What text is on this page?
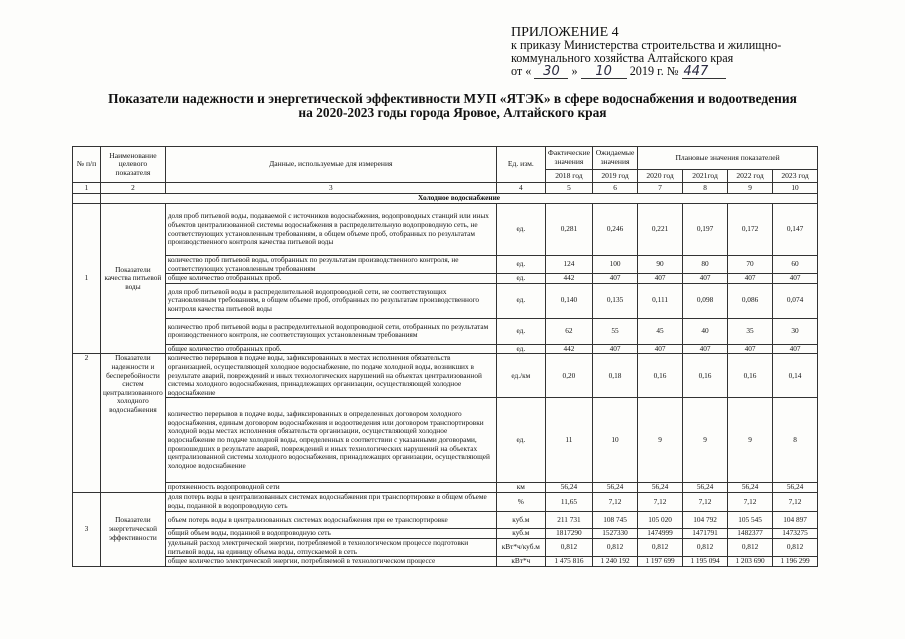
ПРИЛОЖЕНИЕ 4
к приказу Министерства строительства и жилищно-
коммунального хозяйства Алтайского края
от « 30 » 10 2019 г. № 447
Показатели надежности и энергетической эффективности МУП «ЯТЭК» в сфере водоснабжения и водоотведения
на 2020-2023 годы города Яровое, Алтайского края
№ п/п	Наименование целевого показателя	Данные, используемые для измерения	Ед. изм.	Фактические значения	Ожидаемые значения	Плановые значения показателей			
				2018 год	2019 год	2020 год	2021год	2022 год	2023 год
1	2	3	4	5	6	7	8	9	10
	Холодное водоснабжение								
1	Показатели качества питьевой воды	доля проб питьевой воды, подаваемой с источников водоснабжения, водопроводных станций или иных объектов централизованной системы водоснабжения в распределительную водопроводную сеть, не соответствующих установленным требованиям, в общем объеме проб, отобранных по результатам производственного контроля качества питьевой воды	ед.	0,281	0,246	0,221	0,197	0,172	0,147
		количество проб питьевой воды, отобранных по результатам производственного контроля, не соответствующих установленным требованиям	ед.	124	100	90	80	70	60
		общее количество отобранных проб.	ед.	442	407	407	407	407	407
		доля проб питьевой воды в распределительной водопроводной сети, не соответствующих установленным требованиям, в общем объеме проб, отобранных по результатам производственного контроля качества питьевой воды	ед.	0,140	0,135	0,111	0,098	0,086	0,074
		количество проб питьевой воды в распределительной водопроводной сети, отобранных по результатам производственного контроля, не соответствующих установленным требованиям	ед.	62	55	45	40	35	30
		общее количество отобранных проб.	ед.	442	407	407	407	407	407
2	Показатели надежности и бесперебойности систем централизованного холодного водоснабжения	количество перерывов в подаче воды, зафиксированных в местах исполнения обязательств организацией, осуществляющей холодное водоснабжение, по подаче холодной воды, возникших в результате аварий, повреждений и иных технологических нарушений на объектах централизованной системы холодного водоснабжения, принадлежащих организации, осуществляющей холодное водоснабжение	ед./км	0,20	0,18	0,16	0,16	0,16	0,14
		количество перерывов в подаче воды, зафиксированных в определенных договором холодного водоснабжения, единым договором водоснабжения и водоотведения или договором транспортировки холодной воды местах исполнения обязательств организации, осуществляющей холодное водоснабжение по подаче холодной воды, определенных в соответствии с указанными договорами, произошедших в результате аварий, повреждений и иных технологических нарушений на объектах централизованной системы холодного водоснабжения, принадлежащих организации, осуществляющей холодное водоснабжение	ед.	11	10	9	9	9	8
		протяженность водопроводной сети	км	56,24	56,24	56,24	56,24	56,24	56,24
3	Показатели энергетической эффективности	доля потерь воды в централизованных системах водоснабжения при транспортировке в общем объеме воды, поданной в водопроводную сеть	%	11,65	7,12	7,12	7,12	7,12	7,12
		объем потерь воды в централизованных системах водоснабжения при ее транспортировке	куб.м	211 731	108 745	105 020	104 792	105 545	104 897
		общий объем воды, поданной в водопроводную сеть	куб.м	1817290	1527330	1474999	1471791	1482377	1473275
		удельный расход электрической энергии, потребляемой в технологическом процессе подготовки питьевой воды, на единицу объема воды, отпускаемой в сеть	кВт*ч/куб.м	0,812	0,812	0,812	0,812	0,812	0,812
		общее количество электрической энергии, потребляемой в технологическом процессе	кВт*ч	1 475 816	1 240 192	1 197 699	1 195 094	1 203 690	1 196 299
